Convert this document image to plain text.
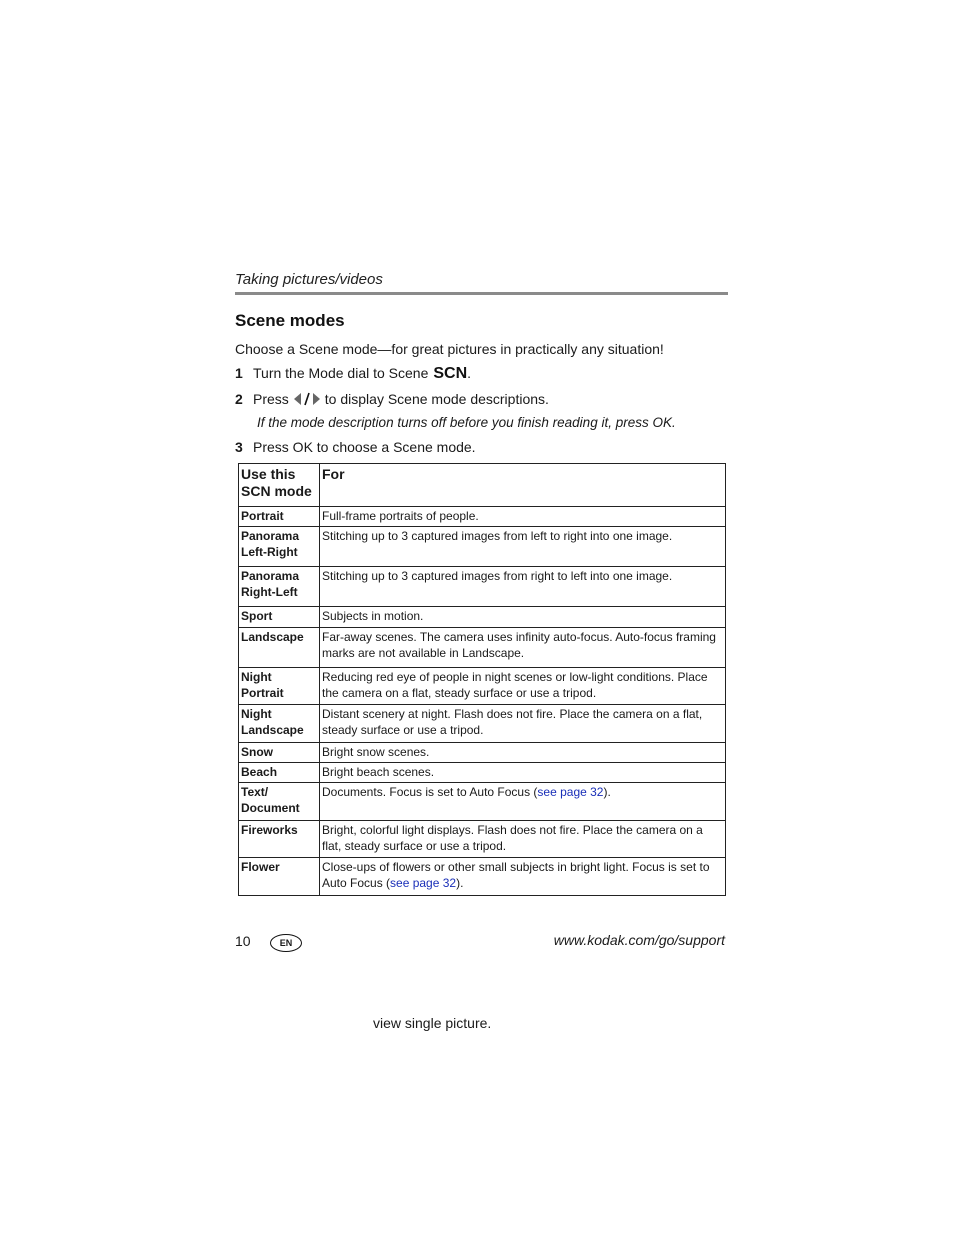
Taking pictures/videos
Scene modes
Choose a Scene mode—for great pictures in practically any situation!
1 Turn the Mode dial to Scene SCN.
2 Press	to display Scene mode descriptions.
If the mode description turns off before you finish reading it, press OK.
3 Press OK to choose a Scene mode.
Use this SCN mode	For
Portrait	Full-frame portraits of people.
Panorama Left-Right	Stitching up to 3 captured images from left to right into one image.
Panorama Right-Left	Stitching up to 3 captured images from right to left into one image.
Sport	Subjects in motion.
Landscape	Far-away scenes. The camera uses infinity auto-focus. Auto-focus framing marks are not available in Landscape.
Night Portrait	Reducing red eye of people in night scenes or low-light conditions. Place the camera on a flat, steady surface or use a tripod.
Night Landscape	Distant scenery at night. Flash does not fire. Place the camera on a flat, steady surface or use a tripod.
Snow	Bright snow scenes.
Beach	Bright beach scenes.
Text/ Document	Documents. Focus is set to Auto Focus (see page 32).
Fireworks	Bright, colorful light displays. Flash does not fire. Place the camera on a flat, steady surface or use a tripod.
Flower	Close-ups of flowers or other small subjects in bright light. Focus is set to Auto Focus (see page 32).
10	EN	www.kodak.com/go/support
view single picture.
